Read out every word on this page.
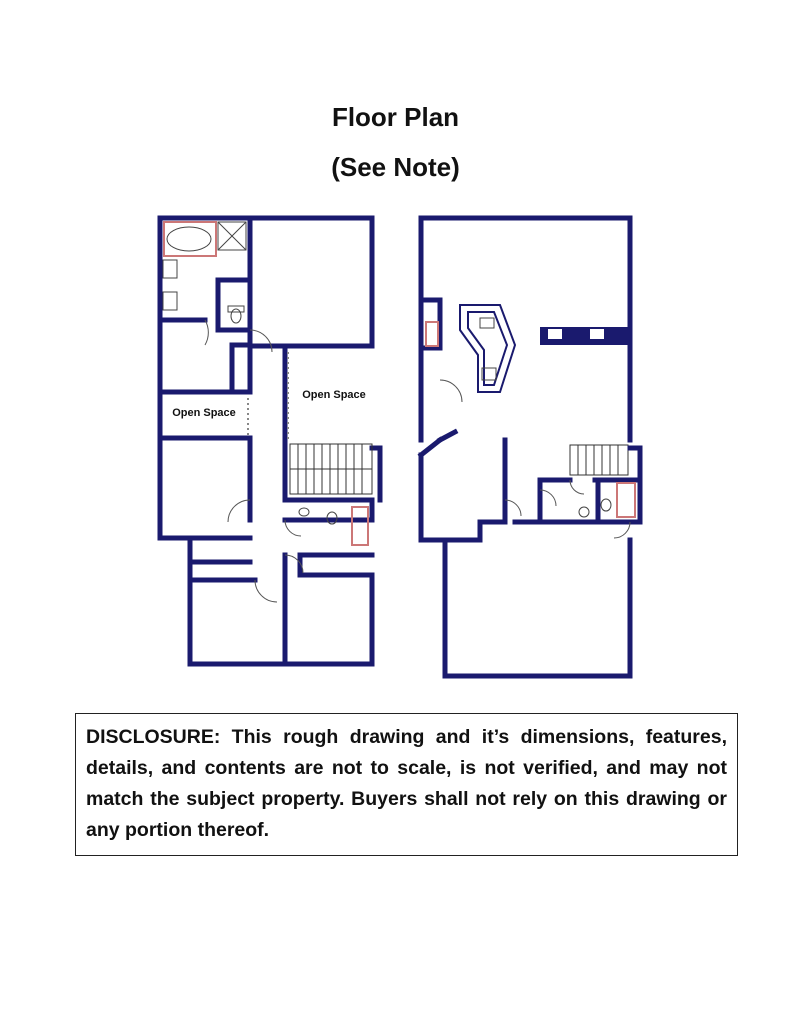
Floor Plan
(See Note)
Open Space
Open Space

DISCLOSURE: This rough drawing and it’s dimensions, features, details, and contents are not to scale, is not verified, and may not match the subject property. Buyers shall not rely on this drawing or any portion thereof.
